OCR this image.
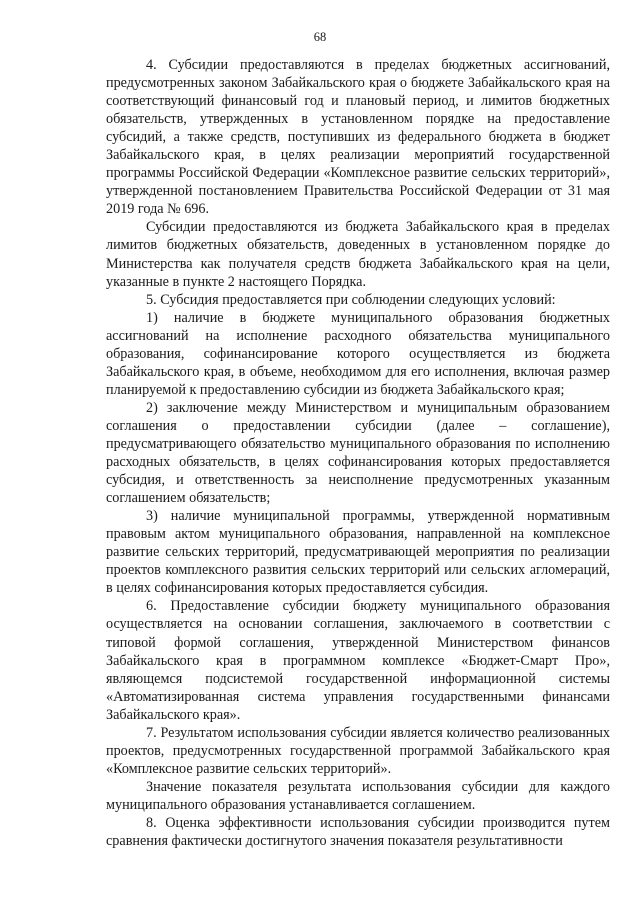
68

4. Субсидии предоставляются в пределах бюджетных ассигнований, предусмотренных законом Забайкальского края о бюджете Забайкальского края на соответствующий финансовый год и плановый период, и лимитов бюджетных обязательств, утвержденных в установленном порядке на предоставление субсидий, а также средств, поступивших из федерального бюджета в бюджет Забайкальского края, в целях реализации мероприятий государственной программы Российской Федерации «Комплексное развитие сельских территорий», утвержденной постановлением Правительства Российской Федерации от 31 мая 2019 года № 696.

Субсидии предоставляются из бюджета Забайкальского края в пределах лимитов бюджетных обязательств, доведенных в установленном порядке до Министерства как получателя средств бюджета Забайкальского края на цели, указанные в пункте 2 настоящего Порядка.

5. Субсидия предоставляется при соблюдении следующих условий:

1) наличие в бюджете муниципального образования бюджетных ассигнований на исполнение расходного обязательства муниципального образования, софинансирование которого осуществляется из бюджета Забайкальского края, в объеме, необходимом для его исполнения, включая размер планируемой к предоставлению субсидии из бюджета Забайкальского края;

2) заключение между Министерством и муниципальным образованием соглашения о предоставлении субсидии (далее – соглашение), предусматривающего обязательство муниципального образования по исполнению расходных обязательств, в целях софинансирования которых предоставляется субсидия, и ответственность за неисполнение предусмотренных указанным соглашением обязательств;

3) наличие муниципальной программы, утвержденной нормативным правовым актом муниципального образования, направленной на комплексное развитие сельских территорий, предусматривающей мероприятия по реализации проектов комплексного развития сельских территорий или сельских агломераций, в целях софинансирования которых предоставляется субсидия.

6. Предоставление субсидии бюджету муниципального образования осуществляется на основании соглашения, заключаемого в соответствии с типовой формой соглашения, утвержденной Министерством финансов Забайкальского края в программном комплексе «Бюджет-Смарт Про», являющемся подсистемой государственной информационной системы «Автоматизированная система управления государственными финансами Забайкальского края».

7. Результатом использования субсидии является количество реализованных проектов, предусмотренных государственной программой Забайкальского края «Комплексное развитие сельских территорий».

Значение показателя результата использования субсидии для каждого муниципального образования устанавливается соглашением.

8. Оценка эффективности использования субсидии производится путем сравнения фактически достигнутого значения показателя результативности
